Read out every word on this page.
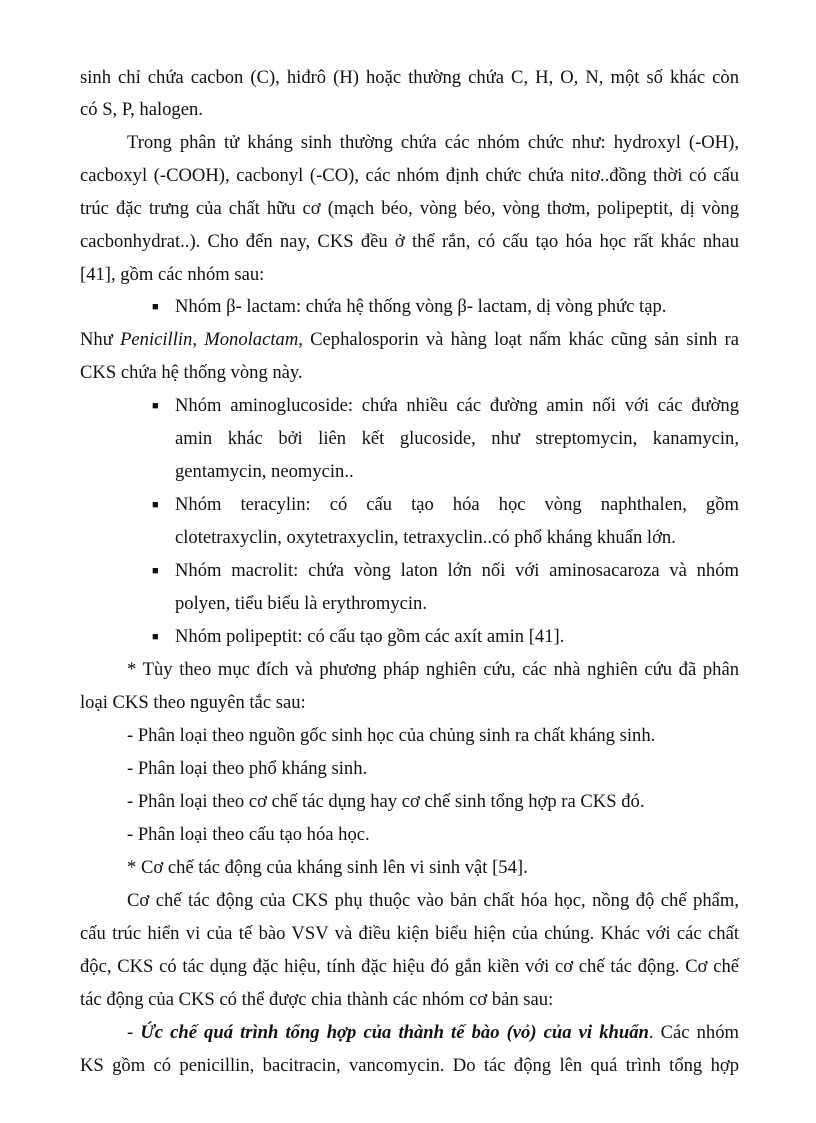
sinh chỉ chứa cacbon (C), hiđrô (H) hoặc thường chứa C, H, O, N, một số khác còn
có S, P, halogen.
Trong phân tử kháng sinh thường chứa các nhóm chức như: hydroxyl (-OH),
cacboxyl (-COOH), cacbonyl (-CO), các nhóm định chức chứa nitơ..đồng thời có cấu
trúc đặc trưng của chất hữu cơ (mạch béo, vòng béo, vòng thơm, polipeptit, dị vòng
cacbonhydrat..). Cho đến nay, CKS đều ở thể rắn, có cấu tạo hóa học rất khác nhau
[41], gồm các nhóm sau:
■ Nhóm β- lactam: chứa hệ thống vòng β- lactam, dị vòng phức tạp.
Như Penicillin, Monolactam, Cephalosporin và hàng loạt nấm khác cũng sản sinh ra
CKS chứa hệ thống vòng này.
■ Nhóm aminoglucoside: chứa nhiều các đường amin nối với các đường
amin khác bởi liên kết glucoside, như streptomycin, kanamycin,
gentamycin, neomycin..
■ Nhóm teracylin: có cấu tạo hóa học vòng naphthalen, gồm
clotetraxyclin, oxytetraxyclin, tetraxyclin..có phổ kháng khuẩn lớn.
■ Nhóm macrolit: chứa vòng laton lớn nối với aminosacaroza và nhóm
polyen, tiểu biểu là erythromycin.
■ Nhóm polipeptit: có cấu tạo gồm các axít amin [41].
* Tùy theo mục đích và phương pháp nghiên cứu, các nhà nghiên cứu đã phân
loại CKS theo nguyên tắc sau:
- Phân loại theo nguồn gốc sinh học của chủng sinh ra chất kháng sinh.
- Phân loại theo phổ kháng sinh.
- Phân loại theo cơ chế tác dụng hay cơ chế sinh tổng hợp ra CKS đó.
- Phân loại theo cấu tạo hóa học.
* Cơ chế tác động của kháng sinh lên vi sinh vật [54].
Cơ chế tác động của CKS phụ thuộc vào bản chất hóa học, nồng độ chế phẩm,
cấu trúc hiển vi của tế bào VSV và điều kiện biểu hiện của chúng. Khác với các chất
độc, CKS có tác dụng đặc hiệu, tính đặc hiệu đó gắn kiền với cơ chế tác động. Cơ chế
tác động của CKS có thể được chia thành các nhóm cơ bản sau:
- Ức chế quá trình tổng hợp của thành tế bào (vỏ) của vi khuẩn. Các nhóm
KS gồm có penicillin, bacitracin, vancomycin. Do tác động lên quá trình tổng hợp
